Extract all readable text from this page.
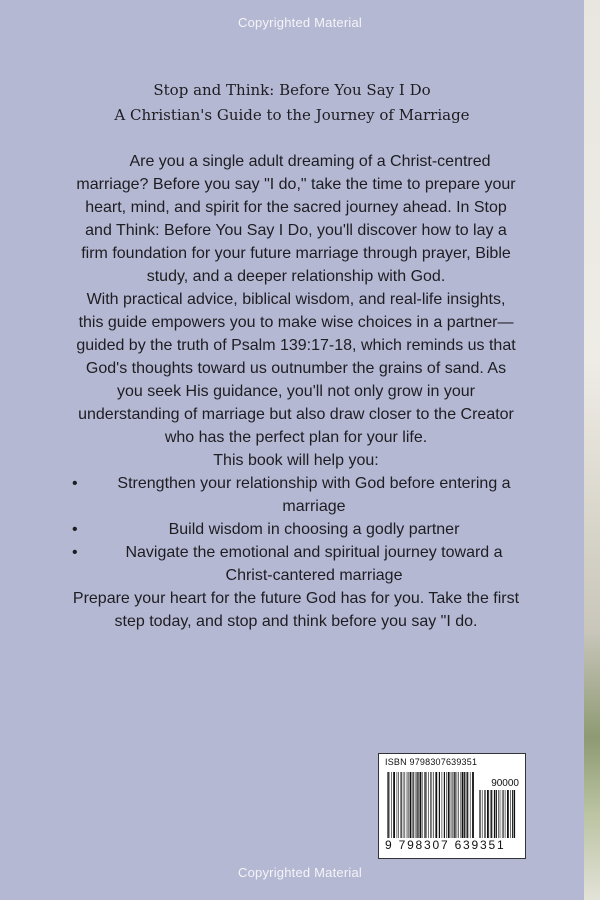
Copyrighted Material
Stop and Think: Before You Say I Do
A Christian's Guide to the Journey of Marriage

Are you a single adult dreaming of a Christ-centred marriage? Before you say "I do," take the time to prepare your heart, mind, and spirit for the sacred journey ahead. In Stop and Think: Before You Say I Do, you'll discover how to lay a firm foundation for your future marriage through prayer, Bible study, and a deeper relationship with God.

With practical advice, biblical wisdom, and real-life insights, this guide empowers you to make wise choices in a partner—guided by the truth of Psalm 139:17-18, which reminds us that God's thoughts toward us outnumber the grains of sand. As you seek His guidance, you'll not only grow in your understanding of marriage but also draw closer to the Creator who has the perfect plan for your life.

This book will help you:

•	Strengthen your relationship with God before entering a marriage
•	Build wisdom in choosing a godly partner
•	Navigate the emotional and spiritual journey toward a Christ-cantered marriage

Prepare your heart for the future God has for you. Take the first step today, and stop and think before you say "I do.

ISBN 9798307639351
90000
9 798307 639351
Copyrighted Material
